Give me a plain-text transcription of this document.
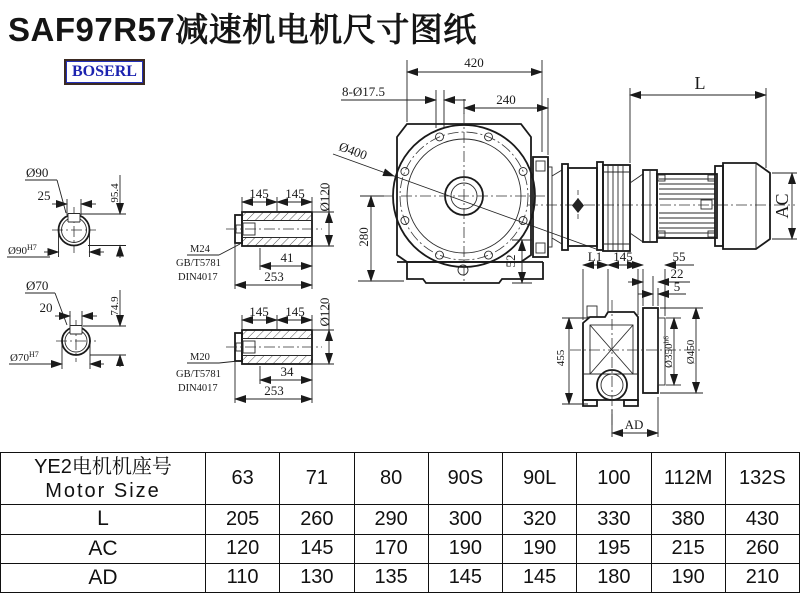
SAF97R57减速机电机尺寸图纸
BOSERL
Ø90
25	95.4
$Ø90^{H7}$
Ø70
20	74.9
$Ø70^{H7}$
145 145 Ø120
M24
GB/T5781
DIN4017
41
253
145 145 Ø120
M20
GB/T5781
DIN4017
34
253
Ø400
420
8-Ø17.5
240
280
52
L
AC
L1 145	55
22
5
455	$Ø350^{h6}$	Ø450
AD
YE2电机机座号
Motor Size	63	71	80	90S	90L	100	112M	132S
L	205	260	290	300	320	330	380	430
AC	120	145	170	190	190	195	215	260
AD	110	130	135	145	145	180	190	210
